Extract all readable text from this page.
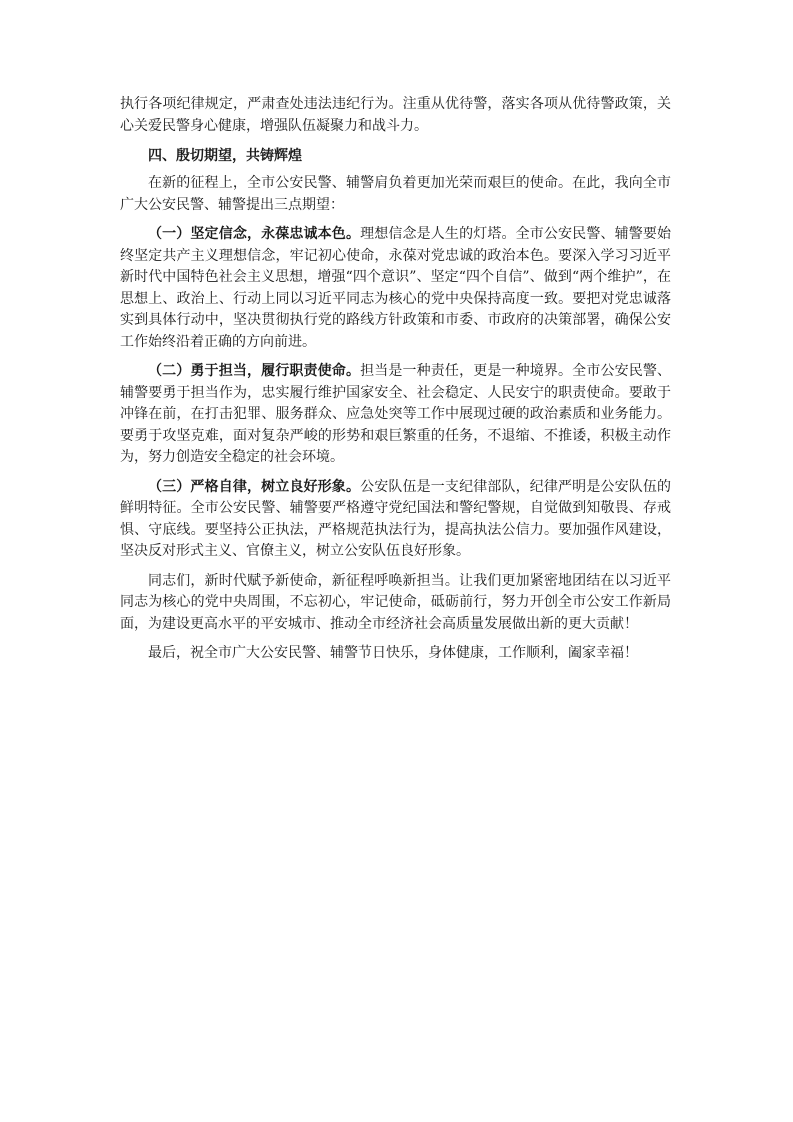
执行各项纪律规定，严肃查处违法违纪行为。注重从优待警，落实各项从优待警政策，关心关爱民警身心健康，增强队伍凝聚力和战斗力。

四、殷切期望，共铸辉煌

在新的征程上，全市公安民警、辅警肩负着更加光荣而艰巨的使命。在此，我向全市广大公安民警、辅警提出三点期望：

（一）坚定信念，永葆忠诚本色。理想信念是人生的灯塔。全市公安民警、辅警要始终坚定共产主义理想信念，牢记初心使命，永葆对党忠诚的政治本色。要深入学习习近平新时代中国特色社会主义思想，增强“四个意识”、坚定“四个自信”、做到“两个维护”，在思想上、政治上、行动上同以习近平同志为核心的党中央保持高度一致。要把对党忠诚落实到具体行动中，坚决贯彻执行党的路线方针政策和市委、市政府的决策部署，确保公安工作始终沿着正确的方向前进。

（二）勇于担当，履行职责使命。担当是一种责任，更是一种境界。全市公安民警、辅警要勇于担当作为，忠实履行维护国家安全、社会稳定、人民安宁的职责使命。要敢于冲锋在前，在打击犯罪、服务群众、应急处突等工作中展现过硬的政治素质和业务能力。要勇于攻坚克难，面对复杂严峻的形势和艰巨繁重的任务，不退缩、不推诿，积极主动作为，努力创造安全稳定的社会环境。

（三）严格自律，树立良好形象。公安队伍是一支纪律部队，纪律严明是公安队伍的鲜明特征。全市公安民警、辅警要严格遵守党纪国法和警纪警规，自觉做到知敬畏、存戒惧、守底线。要坚持公正执法，严格规范执法行为，提高执法公信力。要加强作风建设，坚决反对形式主义、官僚主义，树立公安队伍良好形象。

同志们，新时代赋予新使命，新征程呼唤新担当。让我们更加紧密地团结在以习近平同志为核心的党中央周围，不忘初心，牢记使命，砥砺前行，努力开创全市公安工作新局面，为建设更高水平的平安城市、推动全市经济社会高质量发展做出新的更大贡献！

最后，祝全市广大公安民警、辅警节日快乐，身体健康，工作顺利，阖家幸福！
